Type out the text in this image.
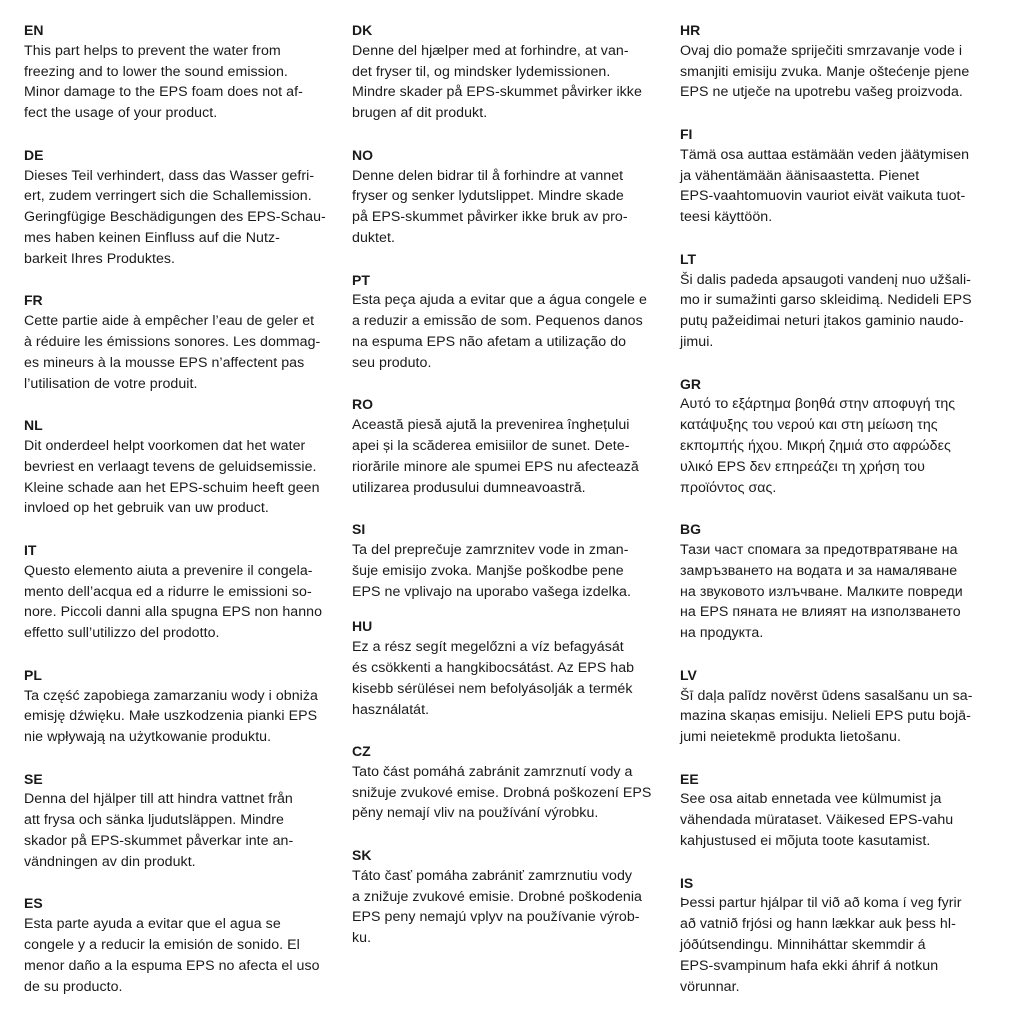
EN
This part helps to prevent the water from
freezing and to lower the sound emission.
Minor damage to the EPS foam does not af-
fect the usage of your product.
DE
Dieses Teil verhindert, dass das Wasser gefri-
ert, zudem verringert sich die Schallemission.
Geringfügige Beschädigungen des EPS-Schau-
mes haben keinen Einfluss auf die Nutz-
barkeit Ihres Produktes.
FR
Cette partie aide à empêcher l’eau de geler et
à réduire les émissions sonores. Les dommag-
es mineurs à la mousse EPS n’affectent pas
l’utilisation de votre produit.
NL
Dit onderdeel helpt voorkomen dat het water
bevriest en verlaagt tevens de geluidsemissie.
Kleine schade aan het EPS-schuim heeft geen
invloed op het gebruik van uw product.
IT
Questo elemento aiuta a prevenire il congela-
mento dell’acqua ed a ridurre le emissioni so-
nore. Piccoli danni alla spugna EPS non hanno
effetto sull’utilizzo del prodotto.
PL
Ta część zapobiega zamarzaniu wody i obniża
emisję dźwięku. Małe uszkodzenia pianki EPS
nie wpływają na użytkowanie produktu.
SE
Denna del hjälper till att hindra vattnet från
att frysa och sänka ljudutsläppen. Mindre
skador på EPS-skummet påverkar inte an-
vändningen av din produkt.
ES
Esta parte ayuda a evitar que el agua se
congele y a reducir la emisión de sonido. El
menor daño a la espuma EPS no afecta el uso
de su producto.
DK
Denne del hjælper med at forhindre, at van-
det fryser til, og mindsker lydemissionen.
Mindre skader på EPS-skummet påvirker ikke
brugen af dit produkt.
NO
Denne delen bidrar til å forhindre at vannet
fryser og senker lydutslippet. Mindre skade
på EPS-skummet påvirker ikke bruk av pro-
duktet.
PT
Esta peça ajuda a evitar que a água congele e
a reduzir a emissão de som. Pequenos danos
na espuma EPS não afetam a utilização do
seu produto.
RO
Această piesă ajută la prevenirea înghețului
apei și la scăderea emisiilor de sunet. Dete-
riorările minore ale spumei EPS nu afectează
utilizarea produsului dumneavoastră.
SI
Ta del preprečuje zamrznitev vode in zman-
šuje emisijo zvoka. Manjše poškodbe pene
EPS ne vplivajo na uporabo vašega izdelka.
HU
Ez a rész segít megelőzni a víz befagyását
és csökkenti a hangkibocsátást. Az EPS hab
kisebb sérülései nem befolyásolják a termék
használatát.
CZ
Tato část pomáhá zabránit zamrznutí vody a
snižuje zvukové emise. Drobná poškození EPS
pěny nemají vliv na používání výrobku.
SK
Táto časť pomáha zabrániť zamrznutiu vody
a znižuje zvukové emisie. Drobné poškodenia
EPS peny nemajú vplyv na používanie výrob-
ku.
HR
Ovaj dio pomaže spriječiti smrzavanje vode i
smanjiti emisiju zvuka. Manje oštećenje pjene
EPS ne utječe na upotrebu vašeg proizvoda.
FI
Tämä osa auttaa estämään veden jäätymisen
ja vähentämään äänisaastetta. Pienet
EPS-vaahtomuovin vauriot eivät vaikuta tuot-
teesi käyttöön.
LT
Ši dalis padeda apsaugoti vandenį nuo užšali-
mo ir sumažinti garso skleidimą. Nedideli EPS
putų pažeidimai neturi įtakos gaminio naudo-
jimui.
GR
Αυτό το εξάρτημα βοηθά στην αποφυγή της
κατάψυξης του νερού και στη μείωση της
εκπομπής ήχου. Μικρή ζημιά στο αφρώδες
υλικό EPS δεν επηρεάζει τη χρήση του
προϊόντος σας.
BG
Тази част спомага за предотвратяване на
замръзването на водата и за намаляване
на звуковото излъчване. Малките повреди
на EPS пяната не влияят на използването
на продукта.
LV
Šī daļa palīdz novērst ūdens sasalšanu un sa-
mazina skaņas emisiju. Nelieli EPS putu bojā-
jumi neietekmē produkta lietošanu.
EE
See osa aitab ennetada vee külmumist ja
vähendada mürataset. Väikesed EPS-vahu
kahjustused ei mõjuta toote kasutamist.
IS
Þessi partur hjálpar til við að koma í veg fyrir
að vatnið frjósi og hann lækkar auk þess hl-
jóðútsendingu. Minniháttar skemmdir á
EPS-svampinum hafa ekki áhrif á notkun
vörunnar.
